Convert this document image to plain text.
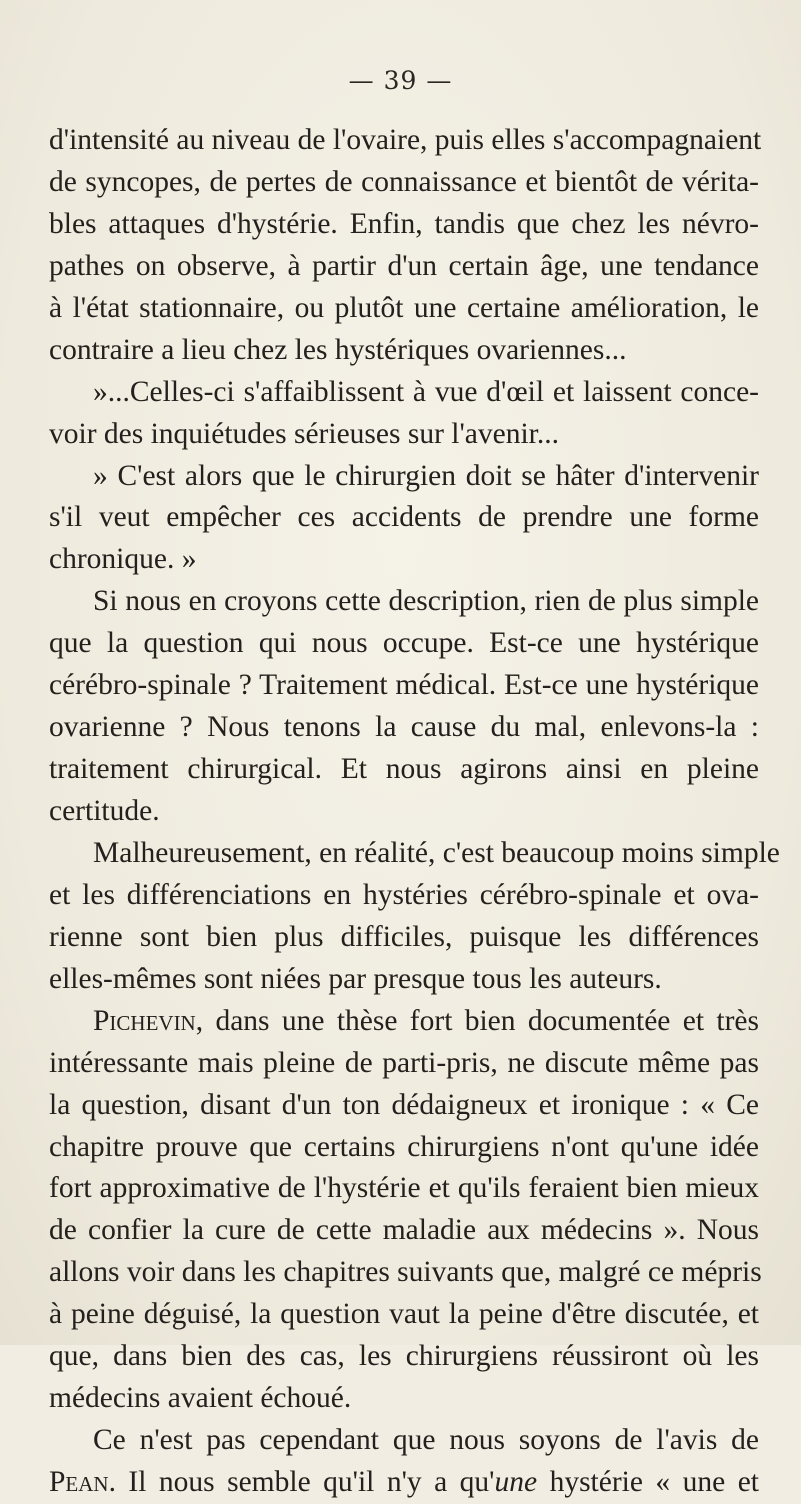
— 39 —
d'intensité au niveau de l'ovaire, puis elles s'accompagnaient
de syncopes, de pertes de connaissance et bientôt de vérita-
bles attaques d'hystérie. Enfin, tandis que chez les névro-
pathes on observe, à partir d'un certain âge, une tendance
à l'état stationnaire, ou plutôt une certaine amélioration, le
contraire a lieu chez les hystériques ovariennes...
»...Celles-ci s'affaiblissent à vue d'œil et laissent conce-
voir des inquiétudes sérieuses sur l'avenir...
» C'est alors que le chirurgien doit se hâter d'intervenir
s'il veut empêcher ces accidents de prendre une forme
chronique. »
Si nous en croyons cette description, rien de plus simple
que la question qui nous occupe. Est-ce une hystérique
cérébro-spinale ? Traitement médical. Est-ce une hystérique
ovarienne ? Nous tenons la cause du mal, enlevons-la :
traitement chirurgical. Et nous agirons ainsi en pleine
certitude.
Malheureusement, en réalité, c'est beaucoup moins simple
et les différenciations en hystéries cérébro-spinale et ova-
rienne sont bien plus difficiles, puisque les différences
elles-mêmes sont niées par presque tous les auteurs.
Pichevin, dans une thèse fort bien documentée et très
intéressante mais pleine de parti-pris, ne discute même pas
la question, disant d'un ton dédaigneux et ironique : « Ce
chapitre prouve que certains chirurgiens n'ont qu'une idée
fort approximative de l'hystérie et qu'ils feraient bien mieux
de confier la cure de cette maladie aux médecins ». Nous
allons voir dans les chapitres suivants que, malgré ce mépris
à peine déguisé, la question vaut la peine d'être discutée, et
que, dans bien des cas, les chirurgiens réussiront où les
médecins avaient échoué.
Ce n'est pas cependant que nous soyons de l'avis de
Pean. Il nous semble qu'il n'y a qu'une hystérie « une et
